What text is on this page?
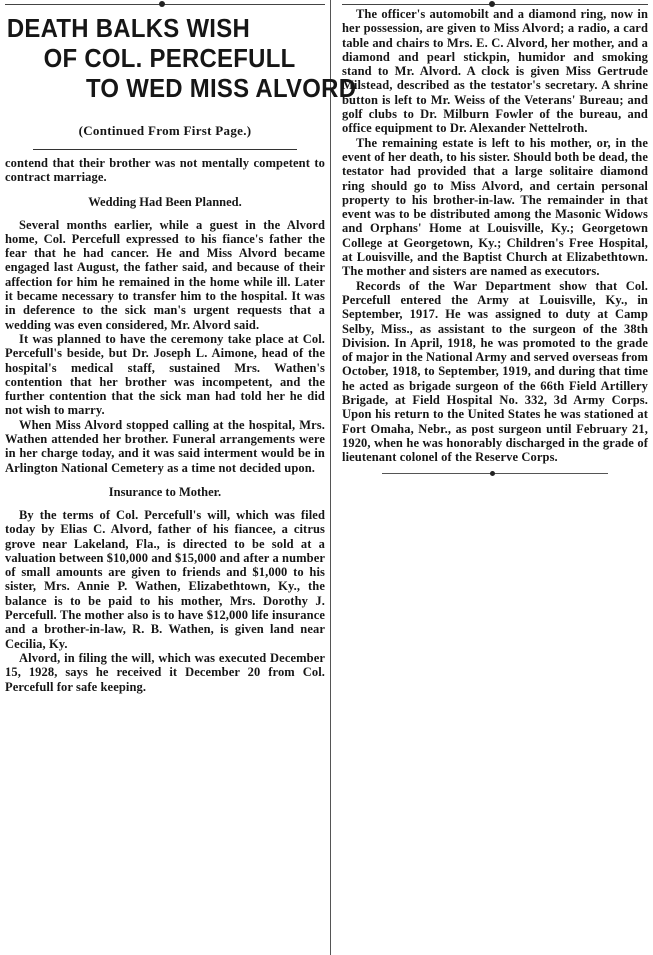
DEATH BALKS WISH
OF COL. PERCEFULL
TO WED MISS ALVORD
(Continued From First Page.)

contend that their brother was not mentally competent to contract marriage.

Wedding Had Been Planned.

Several months earlier, while a guest in the Alvord home, Col. Percefull expressed to his fiance's father the fear that he had cancer. He and Miss Alvord became engaged last August, the father said, and because of their affection for him he remained in the home while ill. Later it became necessary to transfer him to the hospital. It was in deference to the sick man's urgent requests that a wedding was even considered, Mr. Alvord said.

It was planned to have the ceremony take place at Col. Percefull's beside, but Dr. Joseph L. Aimone, head of the hospital's medical staff, sustained Mrs. Wathen's contention that her brother was incompetent, and the further contention that the sick man had told her he did not wish to marry.

When Miss Alvord stopped calling at the hospital, Mrs. Wathen attended her brother. Funeral arrangements were in her charge today, and it was said interment would be in Arlington National Cemetery as a time not decided upon.

Insurance to Mother.

By the terms of Col. Percefull's will, which was filed today by Elias C. Alvord, father of his fiancee, a citrus grove near Lakeland, Fla., is directed to be sold at a valuation between $10,000 and $15,000 and after a number of small amounts are given to friends and $1,000 to his sister, Mrs. Annie P. Wathen, Elizabethtown, Ky., the balance is to be paid to his mother, Mrs. Dorothy J. Percefull. The mother also is to have $12,000 life insurance and a brother-in-law, R. B. Wathen, is given land near Cecilia, Ky.

Alvord, in filing the will, which was executed December 15, 1928, says he received it December 20 from Col. Percefull for safe keeping.

The officer's automobilt and a diamond ring, now in her possession, are given to Miss Alvord; a radio, a card table and chairs to Mrs. E. C. Alvord, her mother, and a diamond and pearl stickpin, humidor and smoking stand to Mr. Alvord. A clock is given Miss Gertrude Milstead, described as the testator's secretary. A shrine button is left to Mr. Weiss of the Veterans' Bureau; and golf clubs to Dr. Milburn Fowler of the bureau, and office equipment to Dr. Alexander Nettelroth.

The remaining estate is left to his mother, or, in the event of her death, to his sister. Should both be dead, the testator had provided that a large solitaire diamond ring should go to Miss Alvord, and certain personal property to his brother-in-law. The remainder in that event was to be distributed among the Masonic Widows and Orphans' Home at Louisville, Ky.; Georgetown College at Georgetown, Ky.; Children's Free Hospital, at Louisville, and the Baptist Church at Elizabethtown. The mother and sisters are named as executors.

Records of the War Department show that Col. Percefull entered the Army at Louisville, Ky., in September, 1917. He was assigned to duty at Camp Selby, Miss., as assistant to the surgeon of the 38th Division. In April, 1918, he was promoted to the grade of major in the National Army and served overseas from October, 1918, to September, 1919, and during that time he acted as brigade surgeon of the 66th Field Artillery Brigade, at Field Hospital No. 332, 3d Army Corps. Upon his return to the United States he was stationed at Fort Omaha, Nebr., as post surgeon until February 21, 1920, when he was honorably discharged in the grade of lieutenant colonel of the Reserve Corps.
